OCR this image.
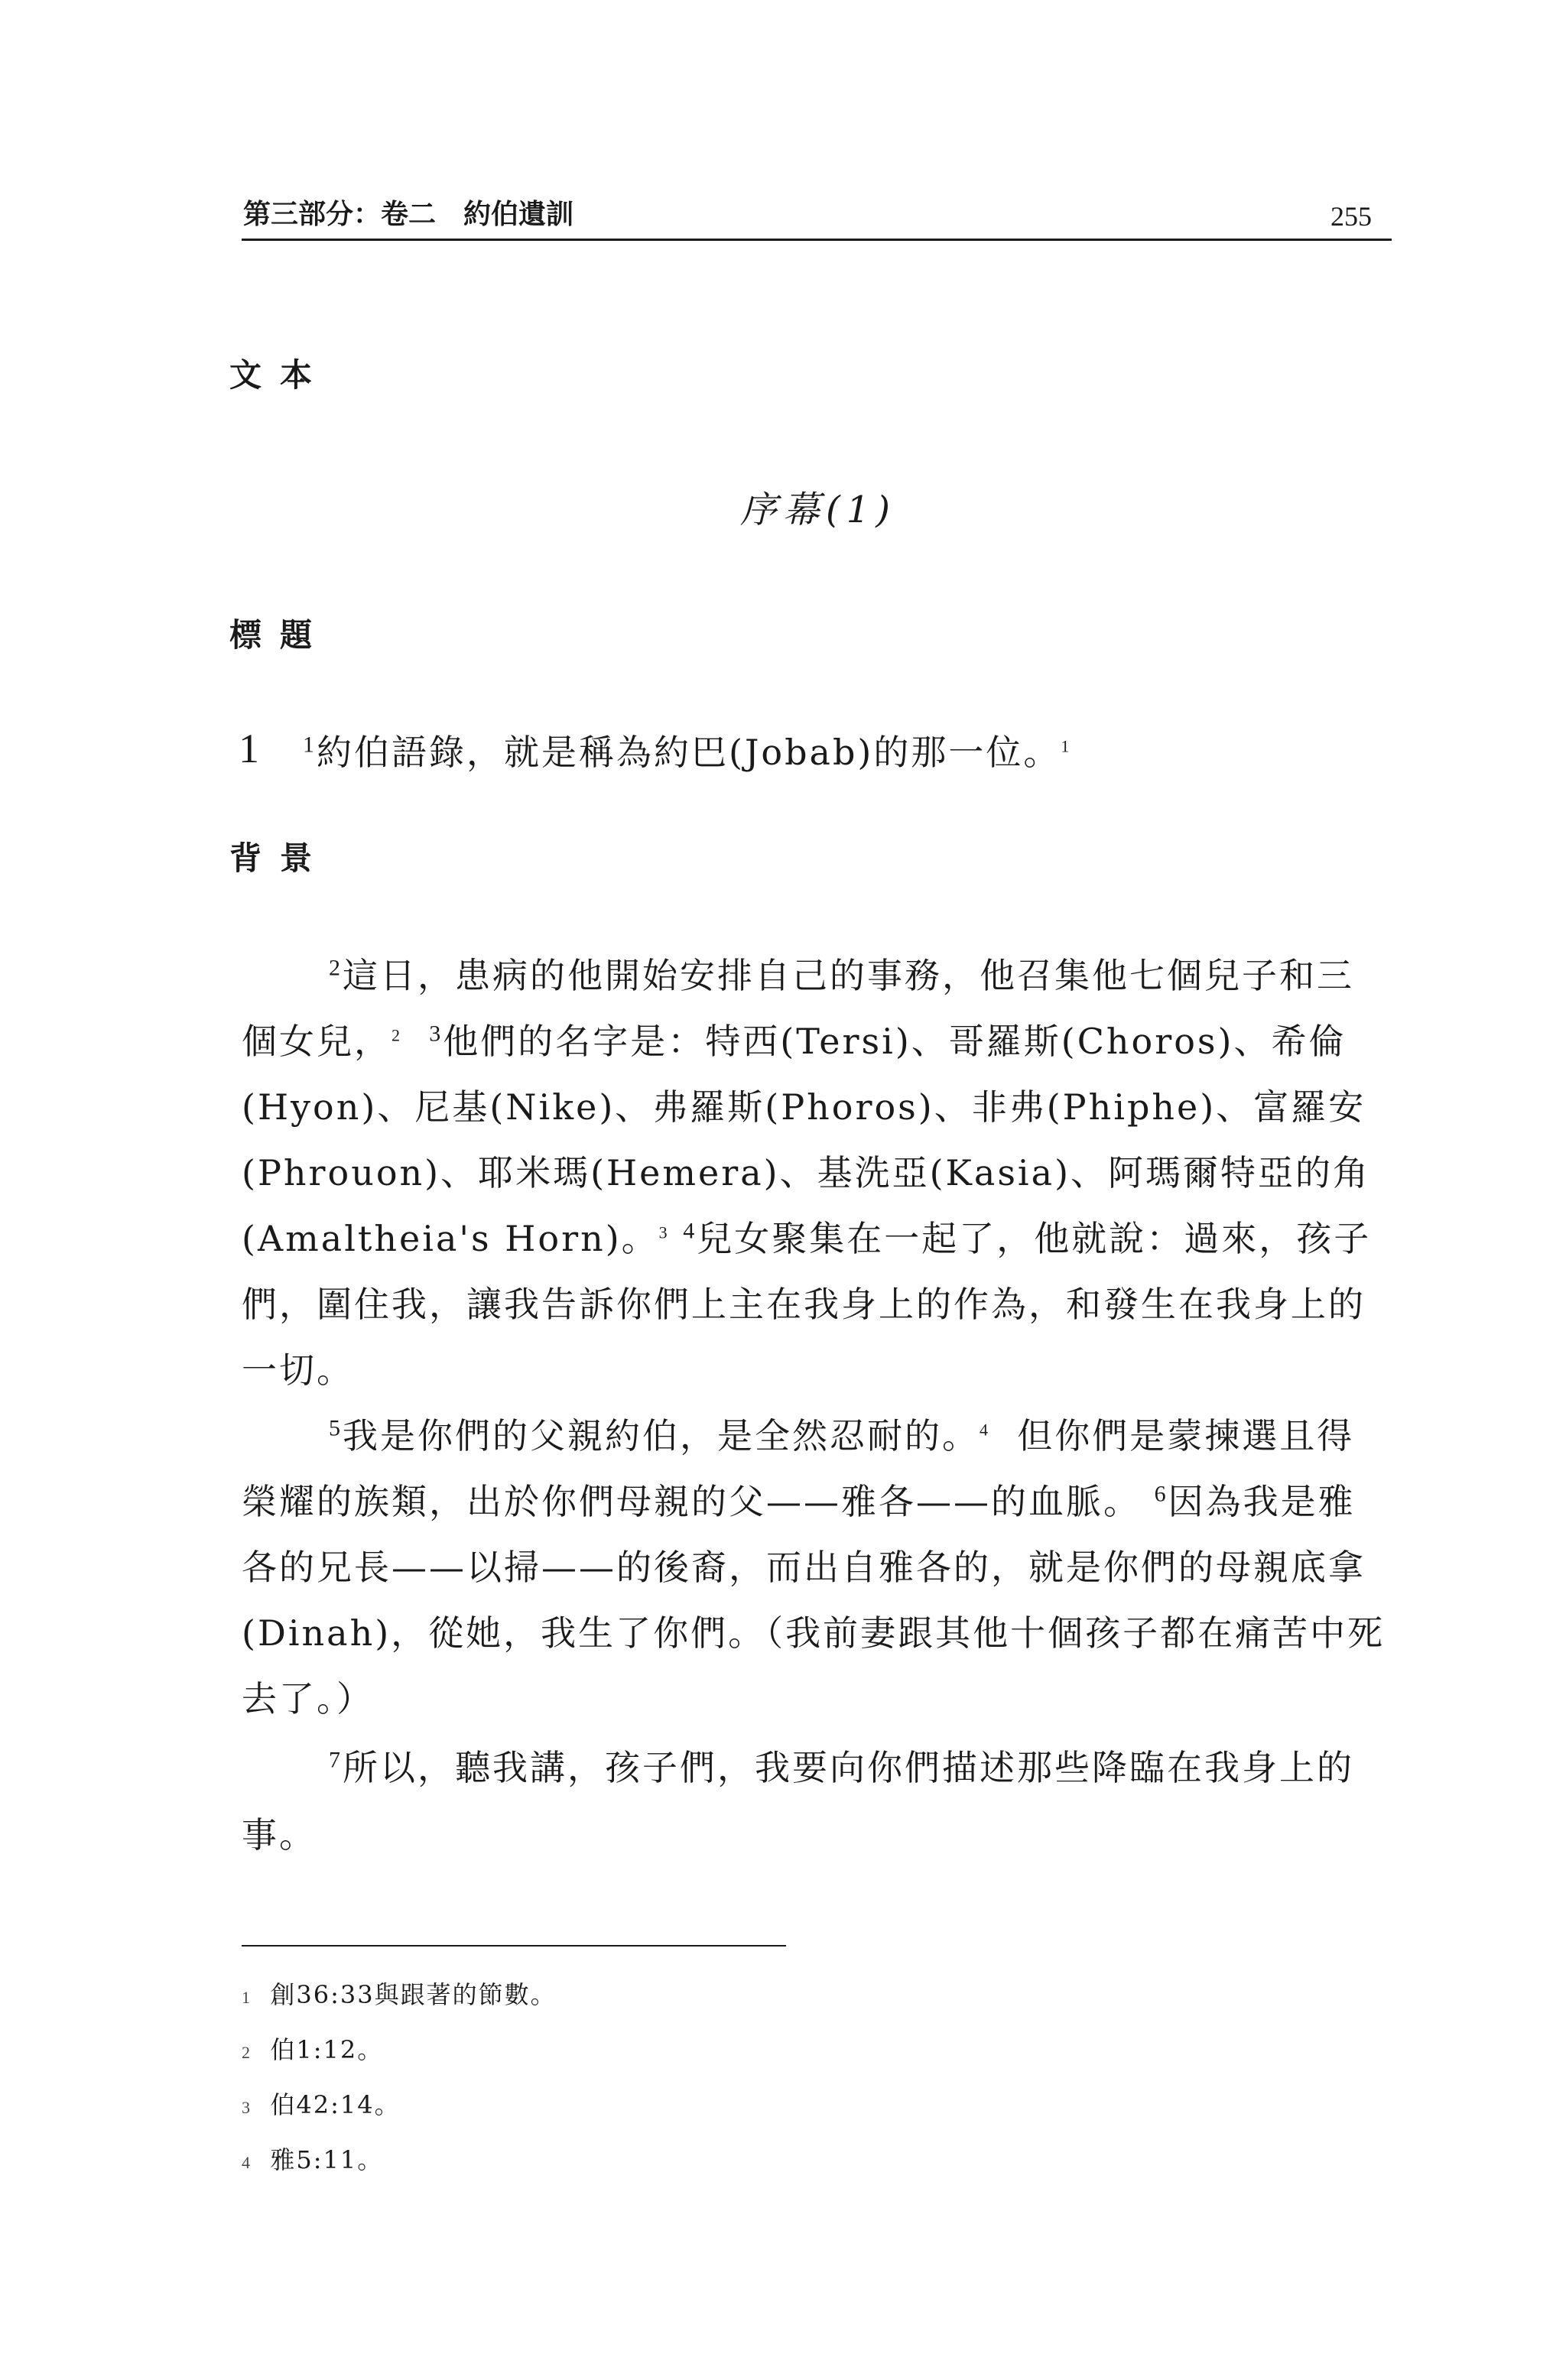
第三部分：卷二　約伯遺訓	255
文本
序幕(1)
標題
1 $^1$約伯語錄，就是稱為約巴(Jobab)的那一位。$^1$
背景
$^2$這日，患病的他開始安排自己的事務，他召集他七個兒子和三
個女兒，$^2$ $^3$他們的名字是：特西(Tersi)、哥羅斯(Choros)、希倫
(Hyon)、尼基(Nike)、弗羅斯(Phoros)、非弗(Phiphe)、富羅安
(Phrouon)、耶米瑪(Hemera)、基洗亞(Kasia)、阿瑪爾特亞的角
(Amaltheia's Horn)。$^3$ $^4$兒女聚集在一起了，他就說：過來，孩子
們，圍住我，讓我告訴你們上主在我身上的作為，和發生在我身上的
一切。
$^5$我是你們的父親約伯，是全然忍耐的。$^4$ 但你們是蒙揀選且得
榮耀的族類，出於你們母親的父——雅各——的血脈。 $^6$因為我是雅
各的兄長——以掃——的後裔，而出自雅各的，就是你們的母親底拿
(Dinah)，從她，我生了你們。（我前妻跟其他十個孩子都在痛苦中死
去了。）
$^7$所以，聽我講，孩子們，我要向你們描述那些降臨在我身上的
事。
1 創36:33與跟著的節數。
2 伯1:12。
3 伯42:14。
4 雅5:11。
